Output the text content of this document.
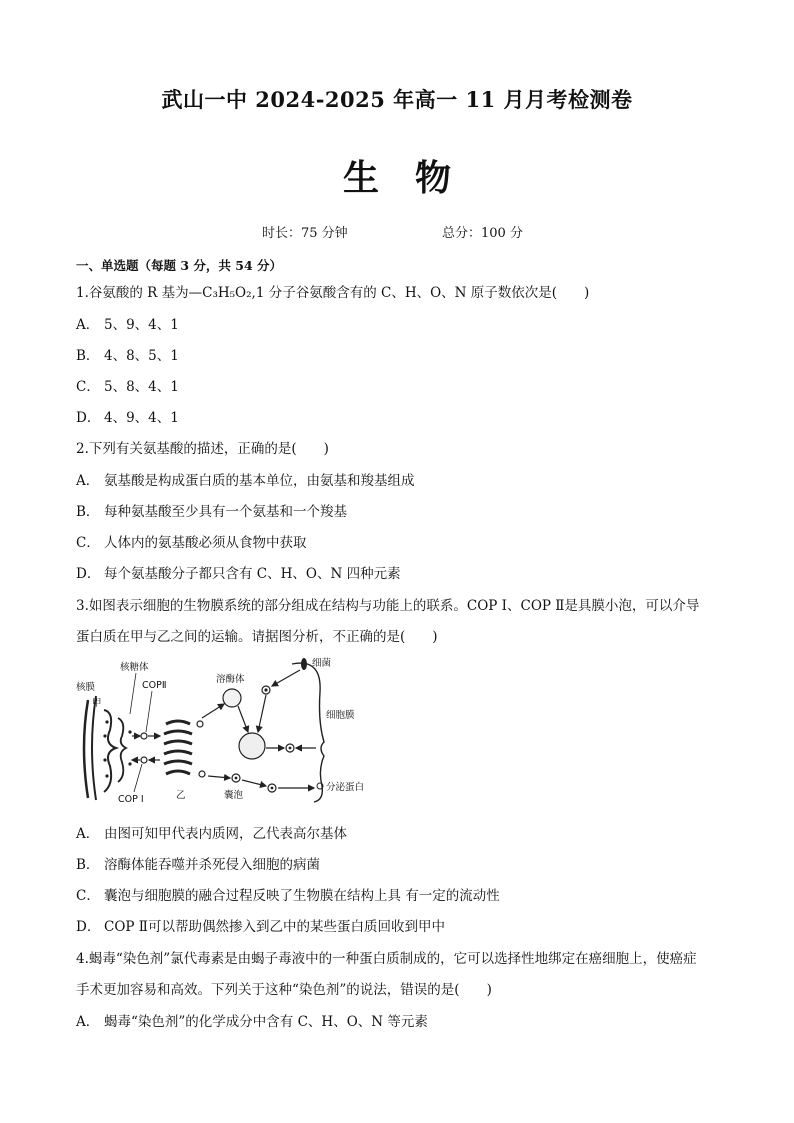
武山一中 2024-2025 年高一 11 月月考检测卷
生　物
时长：75 分钟	总分：100 分
一、单选题（每题 3 分，共 54 分）
1.谷氨酸的 R 基为—C₃H₅O₂,1 分子谷氨酸含有的 C、H、O、N 原子数依次是(　　)
A． 5、9、4、1
B． 4、8、5、1
C． 5、8、4、1
D． 4、9、4、1
2.下列有关氨基酸的描述，正确的是(　　)
A． 氨基酸是构成蛋白质的基本单位，由氨基和羧基组成
B． 每种氨基酸至少具有一个氨基和一个羧基
C． 人体内的氨基酸必须从食物中获取
D． 每个氨基酸分子都只含有 C、H、O、N 四种元素
3.如图表示细胞的生物膜系统的部分组成在结构与功能上的联系。COP Ⅰ、COP Ⅱ是具膜小泡，可以介导
蛋白质在甲与乙之间的运输。请据图分析，不正确的是(　　)
核糖体
核膜
甲
COPⅡ
COP Ⅰ	乙
溶酶体
细菌
细胞膜
囊泡
分泌蛋白
A． 由图可知甲代表内质网，乙代表高尔基体
B． 溶酶体能吞噬并杀死侵入细胞的病菌
C． 囊泡与细胞膜的融合过程反映了生物膜在结构上具 有一定的流动性
D． COP Ⅱ可以帮助偶然掺入到乙中的某些蛋白质回收到甲中
4.蝎毒“染色剂”氯代毒素是由蝎子毒液中的一种蛋白质制成的，它可以选择性地绑定在癌细胞上，使癌症
手术更加容易和高效。下列关于这种“染色剂”的说法，错误的是(　　)
A． 蝎毒“染色剂”的化学成分中含有 C、H、O、N 等元素
